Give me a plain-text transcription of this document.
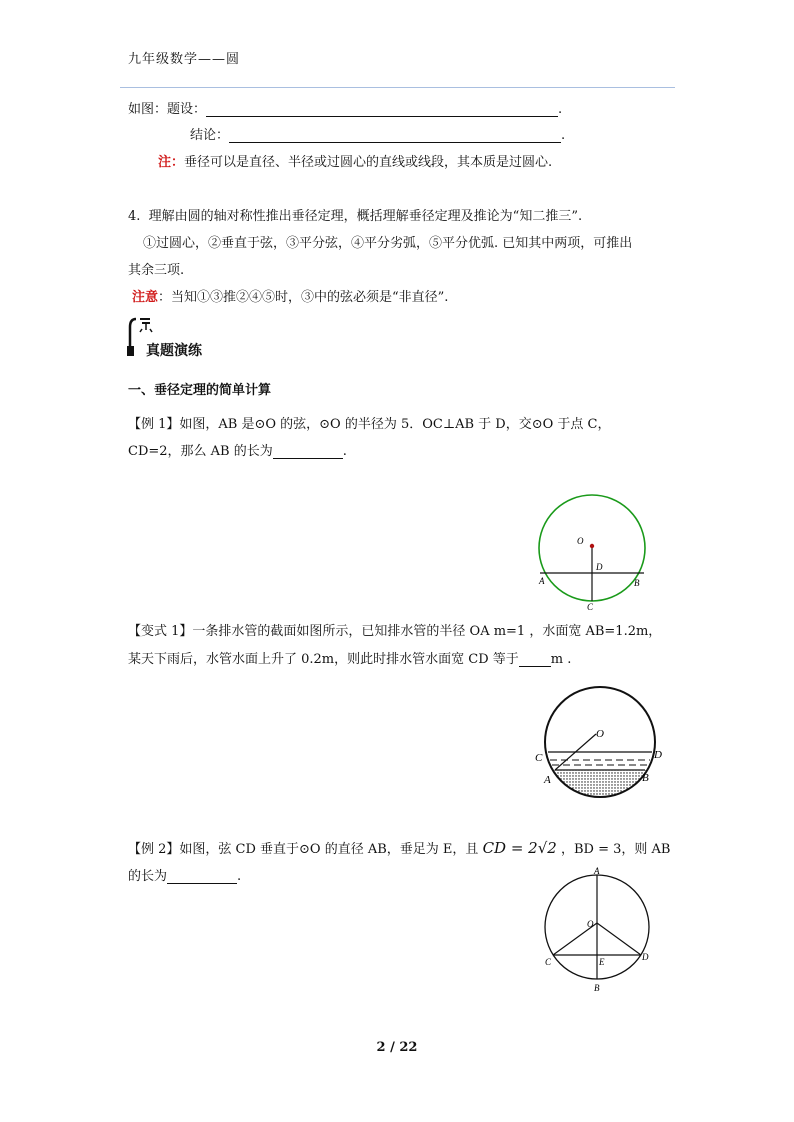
九年级数学——圆
如图：题设：	.
结论：	.
注：垂径可以是直径、半径或过圆心的直线或线段，其本质是过圆心.
4. 理解由圆的轴对称性推出垂径定理，概括理解垂径定理及推论为“知二推三”.
①过圆心，②垂直于弦，③平分弦，④平分劣弧，⑤平分优弧. 已知其中两项，可推出
其余三项.
注意：当知①③推②④⑤时，③中的弦必须是“非直径”.
真题演练
一、垂径定理的简单计算
【例 1】如图，AB 是⊙O 的弦，⊙O 的半径为 5．OC⊥AB 于 D，交⊙O 于点 C，
CD=2，那么 AB 的长为	.
O
D
A	B
C
【变式 1】一条排水管的截面如图所示，已知排水管的半径 OA m=1 ，水面宽 AB=1.2m，
某天下雨后，水管水面上升了 0.2m，则此时排水管水面宽 CD 等于 m .
O
C	D
A	B
【例 2】如图，弦 CD 垂直于⊙O 的直径 AB，垂足为 E，且 CD = 2√2 ，BD = 3，则 AB
的长为	.	A
O
C	D
E
B
2 / 22
